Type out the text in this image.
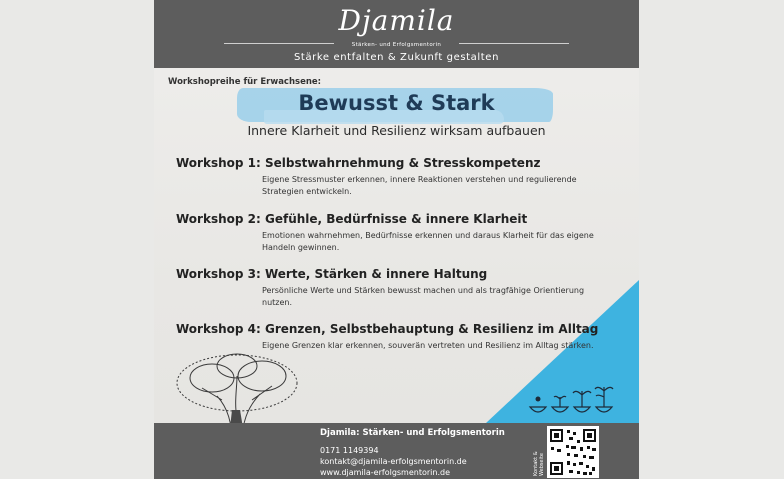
Djamila
Stärken- und Erfolgsmentorin
Stärke entfalten & Zukunft gestalten
Workshopreihe für Erwachsene:
Bewusst & Stark
Innere Klarheit und Resilienz wirksam aufbauen
Workshop 1: Selbstwahrnehmung & Stresskompetenz
Eigene Stressmuster erkennen, innere Reaktionen verstehen und regulierende Strategien entwickeln.
Workshop 2: Gefühle, Bedürfnisse & innere Klarheit
Emotionen wahrnehmen, Bedürfnisse erkennen und daraus Klarheit für das eigene Handeln gewinnen.
Workshop 3: Werte, Stärken & innere Haltung
Persönliche Werte und Stärken bewusst machen und als tragfähige Orientierung nutzen.
Workshop 4: Grenzen, Selbstbehauptung & Resilienz im Alltag
Eigene Grenzen klar erkennen, souverän vertreten und Resilienz im Alltag stärken.
Djamila: Stärken- und Erfolgsmentorin
0171 1149394
kontakt@djamila-erfolgsmentorin.de
www.djamila-erfolgsmentorin.de	Kontakt & Webseite
